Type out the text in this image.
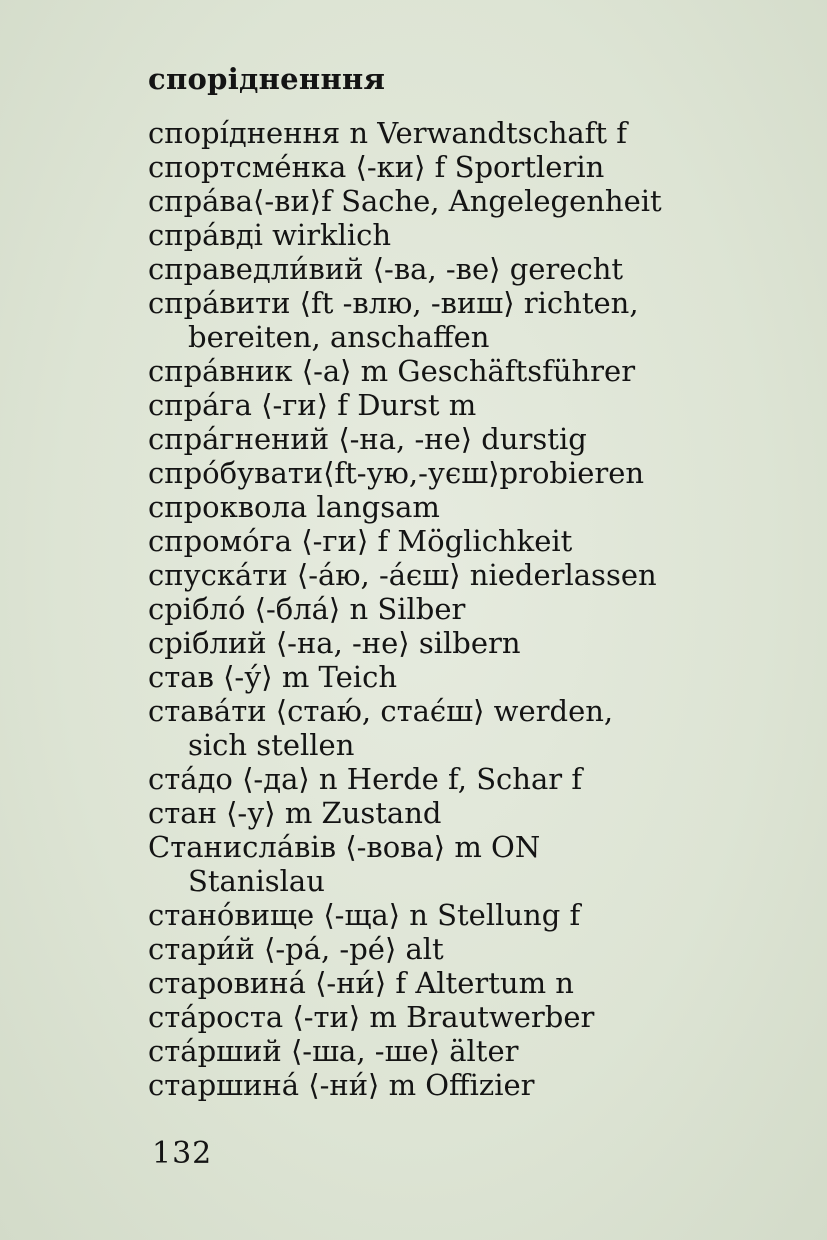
спорідненння
спорі́днення n Verwandtschaft f
спортсме́нка ⟨-ки⟩ f Sportlerin
спра́ва⟨-ви⟩f Sache, Angelegenheit
спра́вді wirklich
справедли́вий ⟨-ва, -ве⟩ gerecht
спра́вити ⟨ft -влю, -виш⟩ richten,
bereiten, anschaffen
спра́вник ⟨-а⟩ m Geschäftsführer
спра́га ⟨-ги⟩ f Durst m
спра́гнений ⟨-на, -не⟩ durstig
спро́бувати⟨ft-ую,-уєш⟩probieren
спроквола langsam
спромо́га ⟨-ги⟩ f Möglichkeit
спуска́ти ⟨-а́ю, -а́єш⟩ niederlassen
срібло́ ⟨-бла́⟩ n Silber
сріблий ⟨-на, -не⟩ silbern
став ⟨-у́⟩ m Teich
става́ти ⟨стаю́, стає́ш⟩ werden,
sich stellen
ста́до ⟨-да⟩ n Herde f, Schar f
стан ⟨-у⟩ m Zustand
Станисла́вів ⟨-вова⟩ m ON
Stanislau
стано́вище ⟨-ща⟩ n Stellung f
стари́й ⟨-ра́, -ре́⟩ alt
старовина́ ⟨-ни́⟩ f Altertum n
ста́роста ⟨-ти⟩ m Brautwerber
ста́рший ⟨-ша, -ше⟩ älter
старшина́ ⟨-ни́⟩ m Offizier
132
